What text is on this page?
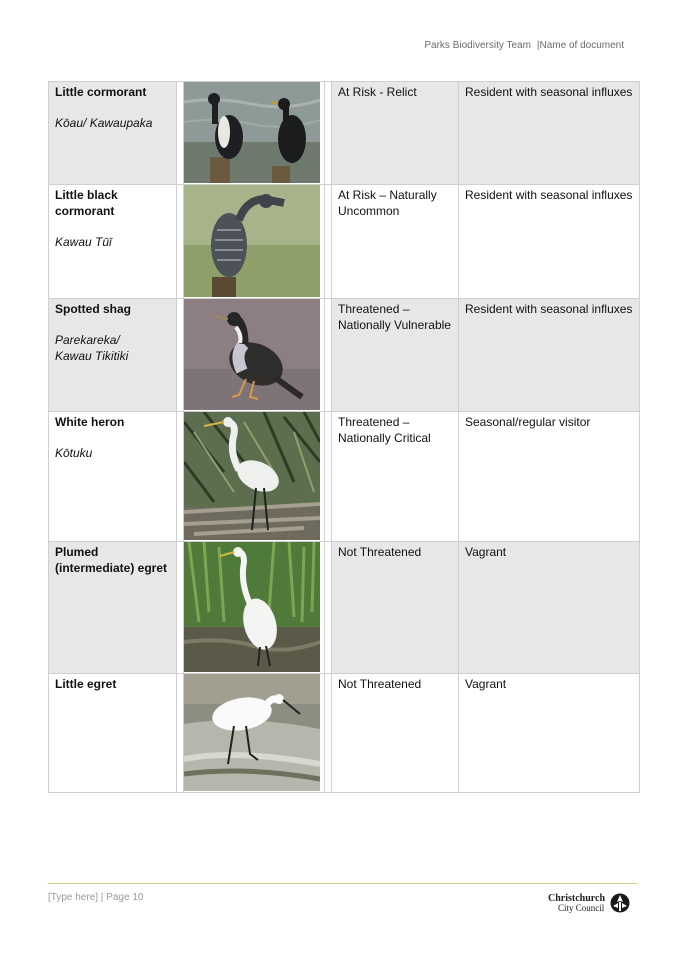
Parks Biodiversity Team |Name of document
Little cormorant
Kōau/ Kawaupaka				At Risk - Relict	Resident with seasonal influxes

Little black cormorant
Kawau Tūī				At Risk – Naturally Uncommon	Resident with seasonal influxes

Spotted shag
Parekareka/
Kawau Tikitiki				Threatened – Nationally Vulnerable	Resident with seasonal influxes

White heron
Kōtuku				Threatened – Nationally Critical	Seasonal/regular visitor

Plumed (intermediate) egret				Not Threatened	Vagrant

Little egret				Not Threatened	Vagrant
[Type here] | Page 10	Christchurch
City Council
